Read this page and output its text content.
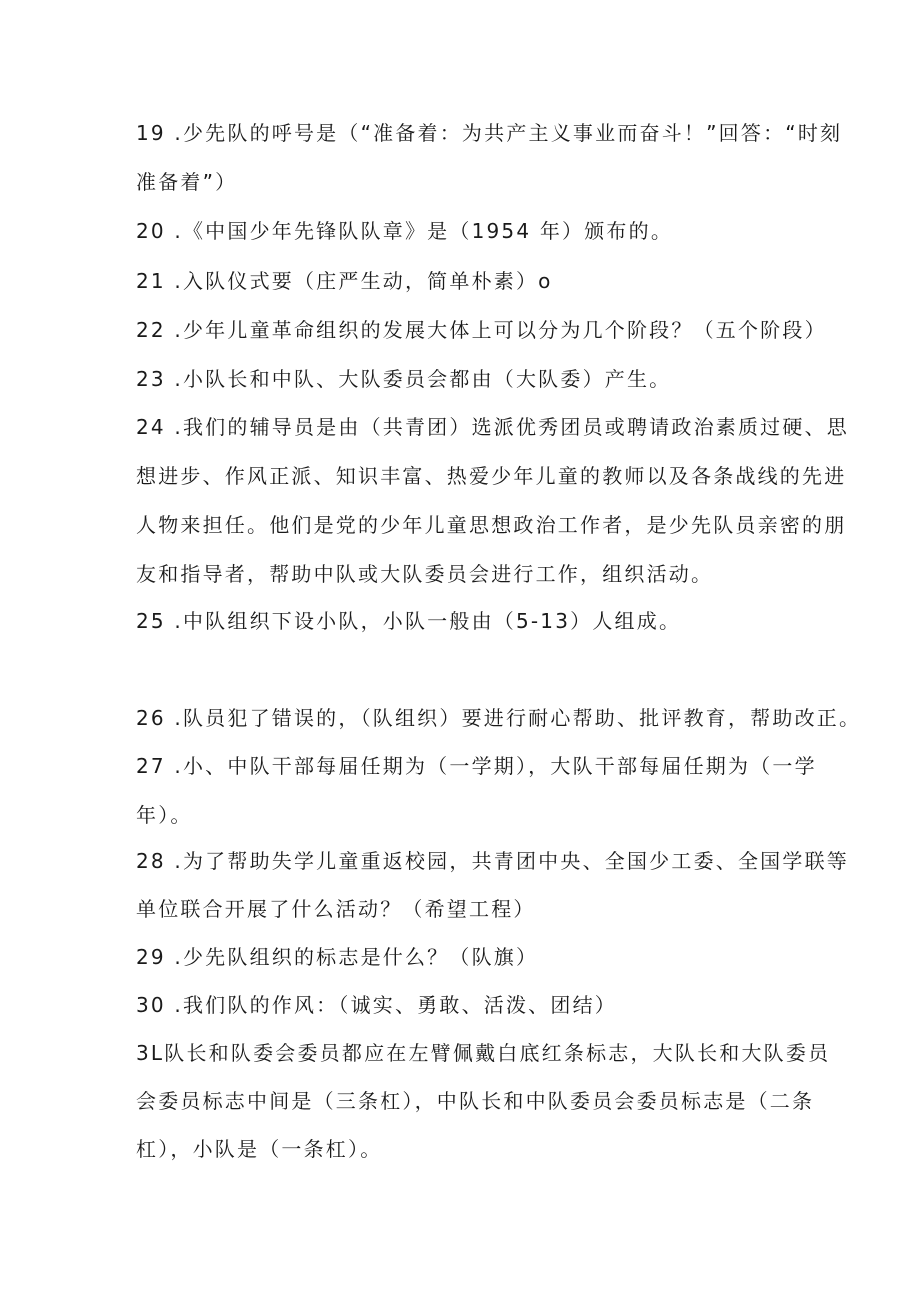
19 .少先队的呼号是（“准备着：为共产主义事业而奋斗！”回答：“时刻
准备着”）
20 .《中国少年先锋队队章》是（1954 年）颁布的。
21 .入队仪式要（庄严生动，简单朴素）o
22 .少年儿童革命组织的发展大体上可以分为几个阶段？（五个阶段）
23 .小队长和中队、大队委员会都由（大队委）产生。
24 .我们的辅导员是由（共青团）选派优秀团员或聘请政治素质过硬、思
想进步、作风正派、知识丰富、热爱少年儿童的教师以及各条战线的先进
人物来担任。他们是党的少年儿童思想政治工作者，是少先队员亲密的朋
友和指导者，帮助中队或大队委员会进行工作，组织活动。
25 .中队组织下设小队，小队一般由（5-13）人组成。
26 .队员犯了错误的，（队组织）要进行耐心帮助、批评教育，帮助改正。
27 .小、中队干部每届任期为（一学期），大队干部每届任期为（一学
年）。
28 .为了帮助失学儿童重返校园，共青团中央、全国少工委、全国学联等
单位联合开展了什么活动？（希望工程）
29 .少先队组织的标志是什么？（队旗）
30 .我们队的作风：（诚实、勇敢、活泼、团结）
3L队长和队委会委员都应在左臂佩戴白底红条标志，大队长和大队委员
会委员标志中间是（三条杠），中队长和中队委员会委员标志是（二条
杠），小队是（一条杠）。
